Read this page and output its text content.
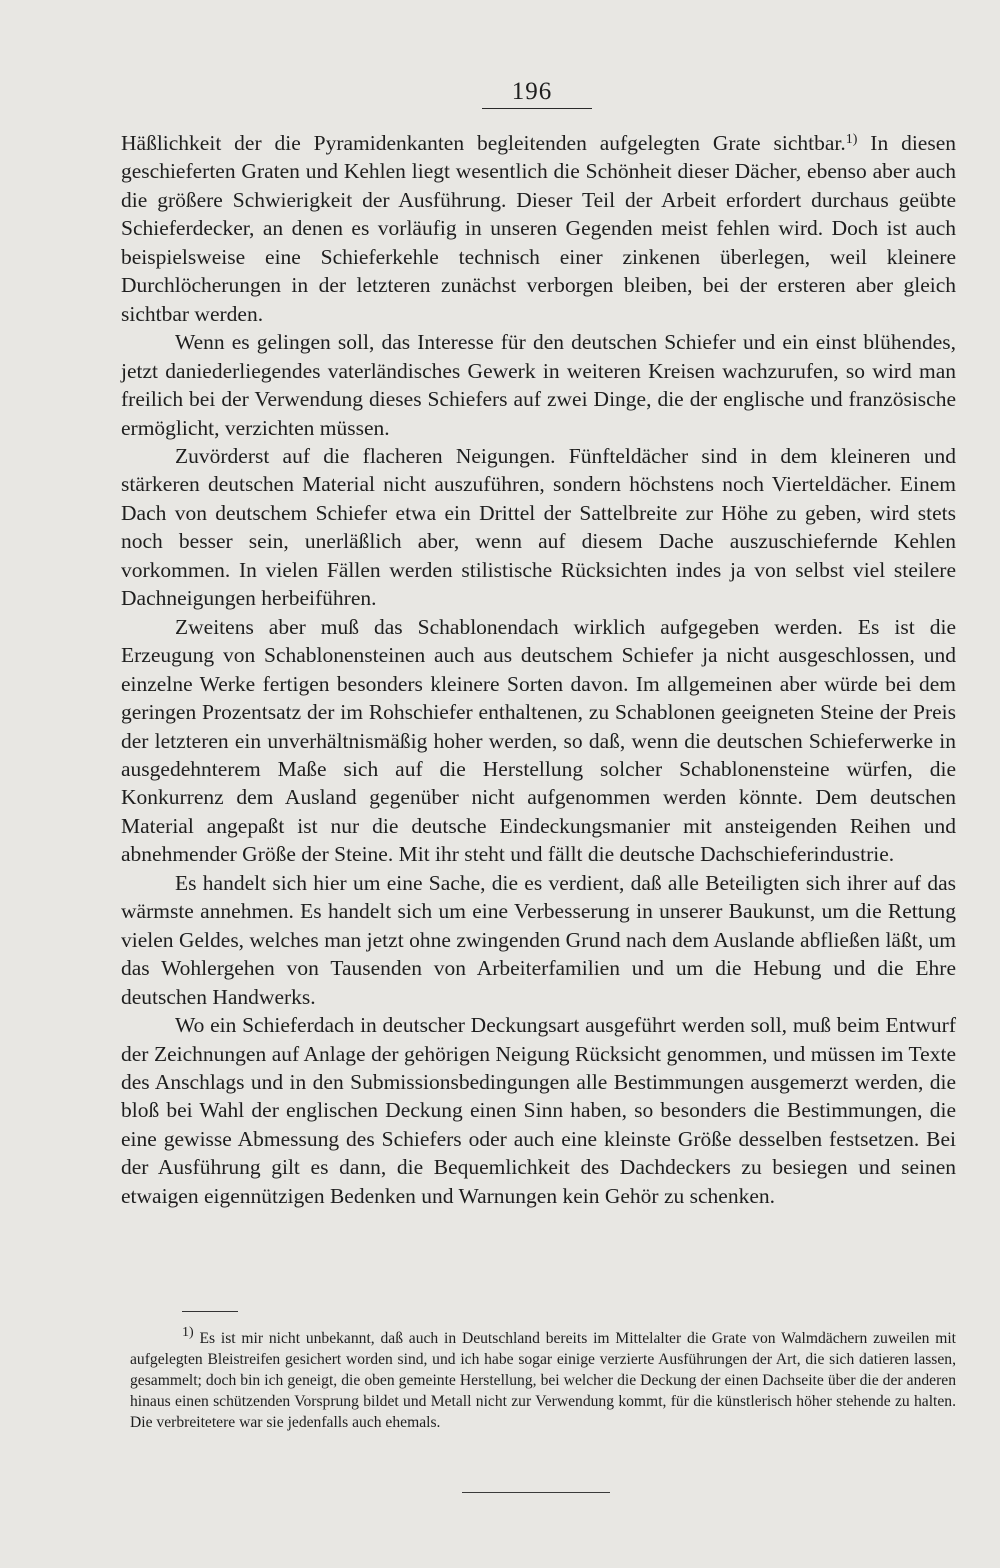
196

Häßlichkeit der die Pyramidenkanten begleitenden aufgelegten Grate sichtbar.$^{1)}$ In diesen geschieferten Graten und Kehlen liegt wesentlich die Schönheit dieser Dächer, ebenso aber auch die größere Schwierigkeit der Ausführung. Dieser Teil der Arbeit erfordert durchaus geübte Schieferdecker, an denen es vorläufig in unseren Gegenden meist fehlen wird. Doch ist auch beispielsweise eine Schieferkehle technisch einer zinkenen überlegen, weil kleinere Durchlöcherungen in der letzteren zunächst verborgen bleiben, bei der ersteren aber gleich sichtbar werden.

Wenn es gelingen soll, das Interesse für den deutschen Schiefer und ein einst blühendes, jetzt daniederliegendes vaterländisches Gewerk in weiteren Kreisen wachzurufen, so wird man freilich bei der Verwendung dieses Schiefers auf zwei Dinge, die der englische und französische ermöglicht, verzichten müssen.

Zuvörderst auf die flacheren Neigungen. Fünfteldächer sind in dem kleineren und stärkeren deutschen Material nicht auszuführen, sondern höchstens noch Vierteldächer. Einem Dach von deutschem Schiefer etwa ein Drittel der Sattelbreite zur Höhe zu geben, wird stets noch besser sein, unerläßlich aber, wenn auf diesem Dache auszuschiefernde Kehlen vorkommen. In vielen Fällen werden stilistische Rücksichten indes ja von selbst viel steilere Dachneigungen herbeiführen.

Zweitens aber muß das Schablonendach wirklich aufgegeben werden. Es ist die Erzeugung von Schablonensteinen auch aus deutschem Schiefer ja nicht ausgeschlossen, und einzelne Werke fertigen besonders kleinere Sorten davon. Im allgemeinen aber würde bei dem geringen Prozentsatz der im Rohschiefer enthaltenen, zu Schablonen geeigneten Steine der Preis der letzteren ein unverhältnismäßig hoher werden, so daß, wenn die deutschen Schieferwerke in ausgedehnterem Maße sich auf die Herstellung solcher Schablonensteine würfen, die Konkurrenz dem Ausland gegenüber nicht aufgenommen werden könnte. Dem deutschen Material angepaßt ist nur die deutsche Eindeckungsmanier mit ansteigenden Reihen und abnehmender Größe der Steine. Mit ihr steht und fällt die deutsche Dachschieferindustrie.

Es handelt sich hier um eine Sache, die es verdient, daß alle Beteiligten sich ihrer auf das wärmste annehmen. Es handelt sich um eine Verbesserung in unserer Baukunst, um die Rettung vielen Geldes, welches man jetzt ohne zwingenden Grund nach dem Auslande abfließen läßt, um das Wohlergehen von Tausenden von Arbeiterfamilien und um die Hebung und die Ehre deutschen Handwerks.

Wo ein Schieferdach in deutscher Deckungsart ausgeführt werden soll, muß beim Entwurf der Zeichnungen auf Anlage der gehörigen Neigung Rücksicht genommen, und müssen im Texte des Anschlags und in den Submissionsbedingungen alle Bestimmungen ausgemerzt werden, die bloß bei Wahl der englischen Deckung einen Sinn haben, so besonders die Bestimmungen, die eine gewisse Abmessung des Schiefers oder auch eine kleinste Größe desselben festsetzen. Bei der Ausführung gilt es dann, die Bequemlichkeit des Dachdeckers zu besiegen und seinen etwaigen eigennützigen Bedenken und Warnungen kein Gehör zu schenken.

1) Es ist mir nicht unbekannt, daß auch in Deutschland bereits im Mittelalter die Grate von Walmdächern zuweilen mit aufgelegten Bleistreifen gesichert worden sind, und ich habe sogar einige verzierte Ausführungen der Art, die sich datieren lassen, gesammelt; doch bin ich geneigt, die oben gemeinte Herstellung, bei welcher die Deckung der einen Dachseite über die der anderen hinaus einen schützenden Vorsprung bildet und Metall nicht zur Verwendung kommt, für die künstlerisch höher stehende zu halten. Die verbreitetere war sie jedenfalls auch ehemals.
